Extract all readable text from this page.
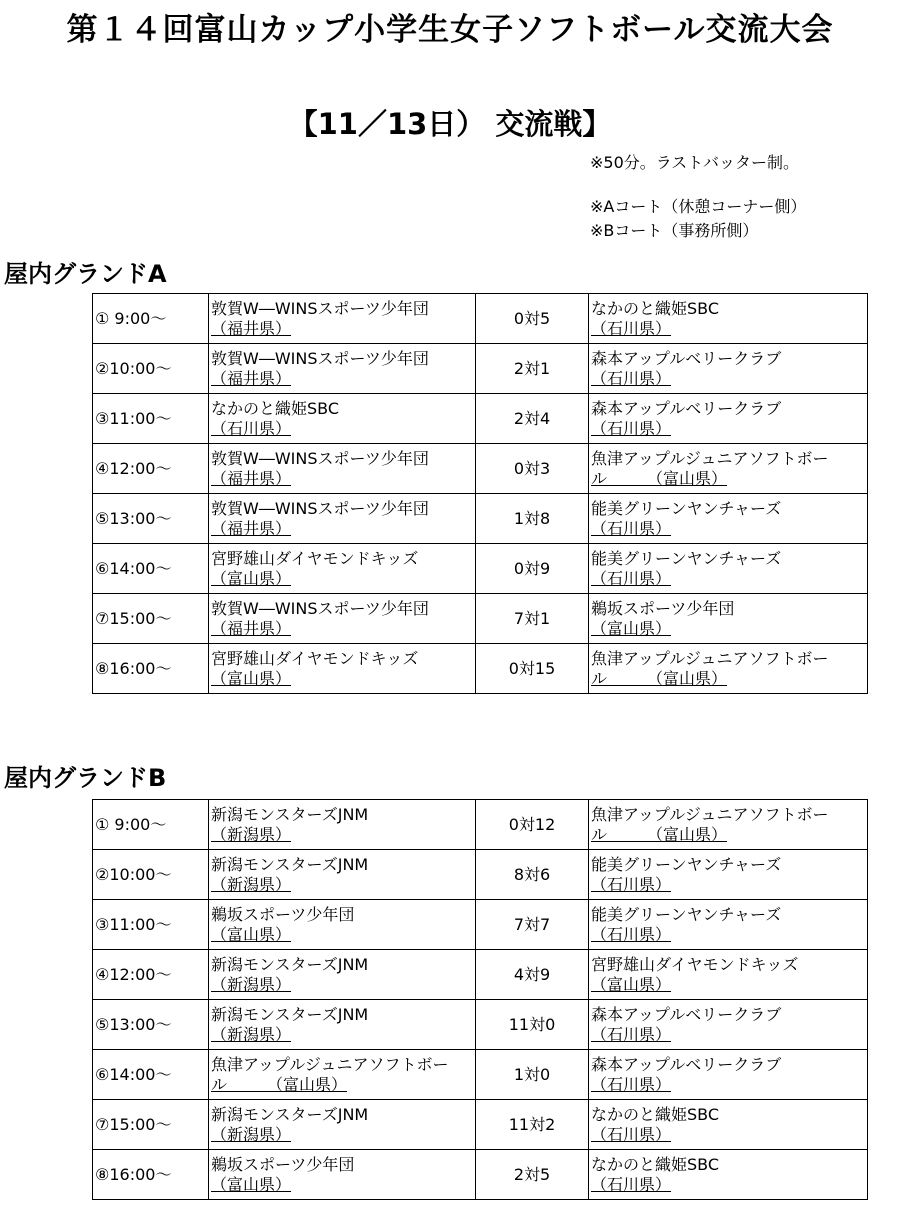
第１４回富山カップ小学生女子ソフトボール交流大会
【11／13日） 交流戦】
※50分。ラストバッター制。
※Aコート（休憩コーナー側）
※Bコート（事務所側）
屋内グランドA
① 9:00～	敦賀W―WINSスポーツ少年団
（福井県）	0対5	なかのと織姫SBC
（石川県）

②10:00～	敦賀W―WINSスポーツ少年団
（福井県）	2対1	森本アップルベリークラブ
（石川県）

③11:00～	なかのと織姫SBC
（石川県）	2対4	森本アップルベリークラブ
（石川県）

④12:00～	敦賀W―WINSスポーツ少年団
（福井県）	0対3	魚津アップルジュニアソフトボー
ル　　　（富山県）

⑤13:00～	敦賀W―WINSスポーツ少年団
（福井県）	1対8	能美グリーンヤンチャーズ
（石川県）

⑥14:00～	宮野雄山ダイヤモンドキッズ
（富山県）	0対9	能美グリーンヤンチャーズ
（石川県）

⑦15:00～	敦賀W―WINSスポーツ少年団
（福井県）	7対1	鵜坂スポーツ少年団
（富山県）

⑧16:00～	宮野雄山ダイヤモンドキッズ
（富山県）	0対15	魚津アップルジュニアソフトボー
ル　　　（富山県）
屋内グランドB
① 9:00～	新潟モンスターズJNM
（新潟県）	0対12	魚津アップルジュニアソフトボー
ル　　　（富山県）

②10:00～	新潟モンスターズJNM
（新潟県）	8対6	能美グリーンヤンチャーズ
（石川県）

③11:00～	鵜坂スポーツ少年団
（富山県）	7対7	能美グリーンヤンチャーズ
（石川県）

④12:00～	新潟モンスターズJNM
（新潟県）	4対9	宮野雄山ダイヤモンドキッズ
（富山県）

⑤13:00～	新潟モンスターズJNM
（新潟県）	11対0	森本アップルベリークラブ
（石川県）

⑥14:00～	魚津アップルジュニアソフトボー
ル　　　（富山県）	1対0	森本アップルベリークラブ
（石川県）

⑦15:00～	新潟モンスターズJNM
（新潟県）	11対2	なかのと織姫SBC
（石川県）

⑧16:00～	鵜坂スポーツ少年団
（富山県）	2対5	なかのと織姫SBC
（石川県）
